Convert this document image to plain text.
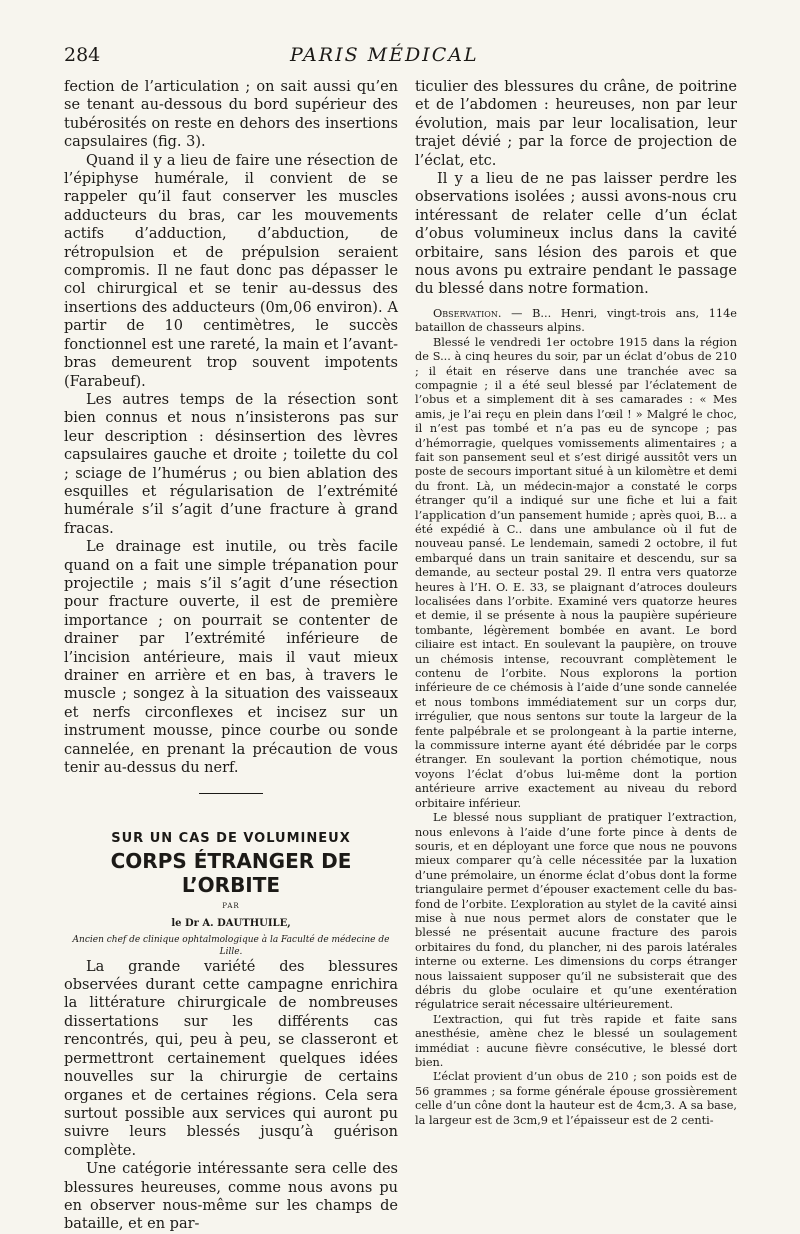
284	PARIS MÉDICAL

fection de l’articulation ; on sait aussi qu’en se tenant au-dessous du bord supérieur des tubérosités on reste en dehors des insertions capsulaires (fig. 3).

Quand il y a lieu de faire une résection de l’épiphyse humérale, il convient de se rappeler qu’il faut conserver les muscles adducteurs du bras, car les mouvements actifs d’adduction, d’abduction, de rétropulsion et de prépulsion seraient compromis. Il ne faut donc pas dépasser le col chirurgical et se tenir au-dessus des insertions des adducteurs (0m,06 environ). A partir de 10 centimètres, le succès fonctionnel est une rareté, la main et l’avant-bras demeurent trop souvent impotents (Farabeuf).

Les autres temps de la résection sont bien connus et nous n’insisterons pas sur leur description : désinsertion des lèvres capsulaires gauche et droite ; toilette du col ; sciage de l’humérus ; ou bien ablation des esquilles et régularisation de l’extrémité humérale s’il s’agit d’une fracture à grand fracas.

Le drainage est inutile, ou très facile quand on a fait une simple trépanation pour projectile ; mais s’il s’agit d’une résection pour fracture ouverte, il est de première importance ; on pourrait se contenter de drainer par l’extrémité inférieure de l’incision antérieure, mais il vaut mieux drainer en arrière et en bas, à travers le muscle ; songez à la situation des vaisseaux et nerfs circonflexes et incisez sur un instrument mousse, pince courbe ou sonde cannelée, en prenant la précaution de vous tenir au-dessus du nerf.

SUR UN CAS DE VOLUMINEUX

CORPS ÉTRANGER DE

L’ORBITE

PAR

le Dr A. DAUTHUILE,

Ancien chef de clinique ophtalmologique à la Faculté de médecine de Lille.

La grande variété des blessures observées durant cette campagne enrichira la littérature chirurgicale de nombreuses dissertations sur les différents cas rencontrés, qui, peu à peu, se classeront et permettront certainement quelques idées nouvelles sur la chirurgie de certains organes et de certaines régions. Cela sera surtout possible aux services qui auront pu suivre leurs blessés jusqu’à guérison complète.

Une catégorie intéressante sera celle des blessures heureuses, comme nous avons pu en observer nous-même sur les champs de bataille, et en par-

ticulier des blessures du crâne, de poitrine et de l’abdomen : heureuses, non par leur évolution, mais par leur localisation, leur trajet dévié ; par la force de projection de l’éclat, etc.

Il y a lieu de ne pas laisser perdre les observations isolées ; aussi avons-nous cru intéressant de relater celle d’un éclat d’obus volumineux inclus dans la cavité orbitaire, sans lésion des parois et que nous avons pu extraire pendant le passage du blessé dans notre formation.

Observation. — B... Henri, vingt-trois ans, 114e bataillon de chasseurs alpins.

Blessé le vendredi 1er octobre 1915 dans la région de S... à cinq heures du soir, par un éclat d’obus de 210 ; il était en réserve dans une tranchée avec sa compagnie ; il a été seul blessé par l’éclatement de l’obus et a simplement dit à ses camarades : « Mes amis, je l’ai reçu en plein dans l’œil ! » Malgré le choc, il n’est pas tombé et n’a pas eu de syncope ; pas d’hémorragie, quelques vomissements alimentaires ; a fait son pansement seul et s’est dirigé aussitôt vers un poste de secours important situé à un kilomètre et demi du front. Là, un médecin-major a constaté le corps étranger qu’il a indiqué sur une fiche et lui a fait l’application d’un pansement humide ; après quoi, B... a été expédié à C.. dans une ambulance où il fut de nouveau pansé. Le lendemain, samedi 2 octobre, il fut embarqué dans un train sanitaire et descendu, sur sa demande, au secteur postal 29. Il entra vers quatorze heures à l’H. O. E. 33, se plaignant d’atroces douleurs localisées dans l’orbite. Examiné vers quatorze heures et demie, il se présente à nous la paupière supérieure tombante, légèrement bombée en avant. Le bord ciliaire est intact. En soulevant la paupière, on trouve un chémosis intense, recouvrant complètement le contenu de l’orbite. Nous explorons la portion inférieure de ce chémosis à l’aide d’une sonde cannelée et nous tombons immédiatement sur un corps dur, irrégulier, que nous sentons sur toute la largeur de la fente palpébrale et se prolongeant à la partie interne, la commissure interne ayant été débridée par le corps étranger. En soulevant la portion chémotique, nous voyons l’éclat d’obus lui-même dont la portion antérieure arrive exactement au niveau du rebord orbitaire inférieur.

Le blessé nous suppliant de pratiquer l’extraction, nous enlevons à l’aide d’une forte pince à dents de souris, et en déployant une force que nous ne pouvons mieux comparer qu’à celle nécessitée par la luxation d’une prémolaire, un énorme éclat d’obus dont la forme triangulaire permet d’épouser exactement celle du bas-fond de l’orbite. L’exploration au stylet de la cavité ainsi mise à nue nous permet alors de constater que le blessé ne présentait aucune fracture des parois orbitaires du fond, du plancher, ni des parois latérales interne ou externe. Les dimensions du corps étranger nous laissaient supposer qu’il ne subsisterait que des débris du globe oculaire et qu’une exentération régulatrice serait nécessaire ultérieurement.

L’extraction, qui fut très rapide et faite sans anesthésie, amène chez le blessé un soulagement immédiat : aucune fièvre consécutive, le blessé dort bien.

L’éclat provient d’un obus de 210 ; son poids est de 56 grammes ; sa forme générale épouse grossièrement celle d’un cône dont la hauteur est de 4cm,3. A sa base, la largeur est de 3cm,9 et l’épaisseur est de 2 centi-
